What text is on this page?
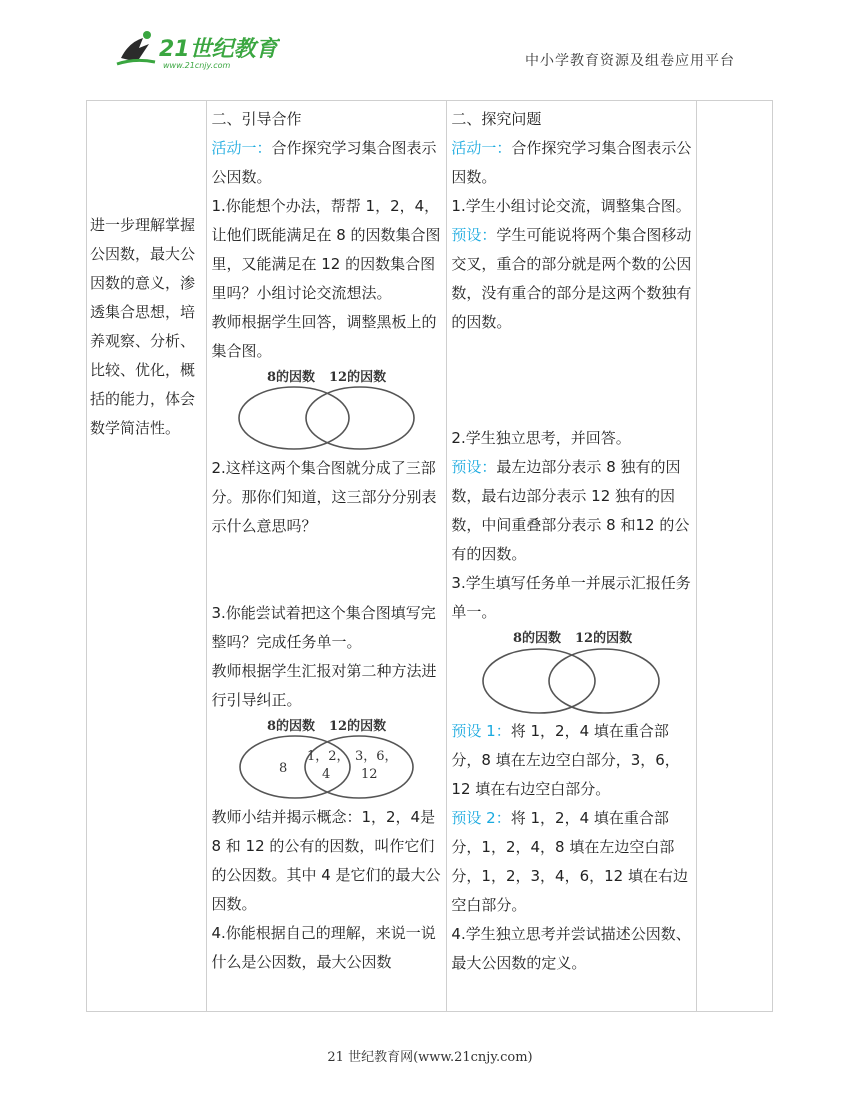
21世纪教育
www.21cnjy.com	中小学教育资源及组卷应用平台
进一步理解掌握公因数，最大公因数的意义，渗透集合思想，培养观察、分析、比较、优化，概括的能力，体会数学简洁性。

二、引导合作
活动一：合作探究学习集合图表示公因数。
1.你能想个办法，帮帮 1，2，4，让他们既能满足在 8 的因数集合图里，又能满足在 12 的因数集合图里吗？小组讨论交流想法。
教师根据学生回答，调整黑板上的集合图。
8的因数 12的因数
2.这样这两个集合图就分成了三部分。那你们知道，这三部分分别表示什么意思吗？
3.你能尝试着把这个集合图填写完整吗？完成任务单一。
教师根据学生汇报对第二种方法进行引导纠正。
8的因数 12的因数
8
1，2，
4
3，6，
12
教师小结并揭示概念：1，2，4是 8 和 12 的公有的因数，叫作它们的公因数。其中 4 是它们的最大公因数。
4.你能根据自己的理解，来说一说什么是公因数，最大公因数

二、探究问题
活动一：合作探究学习集合图表示公因数。
1.学生小组讨论交流，调整集合图。
预设：学生可能说将两个集合图移动交叉，重合的部分就是两个数的公因数，没有重合的部分是这两个数独有的因数。
2.学生独立思考，并回答。
预设：最左边部分表示 8 独有的因数，最右边部分表示 12 独有的因数，中间重叠部分表示 8 和12 的公有的因数。
3.学生填写任务单一并展示汇报任务单一。
8的因数 12的因数
预设 1：将 1，2，4 填在重合部分，8 填在左边空白部分，3，6，12 填在右边空白部分。
预设 2：将 1，2，4 填在重合部分，1，2，4，8 填在左边空白部分，1，2，3，4，6，12 填在右边空白部分。
4.学生独立思考并尝试描述公因数、最大公因数的定义。

21 世纪教育网(www.21cnjy.com)
